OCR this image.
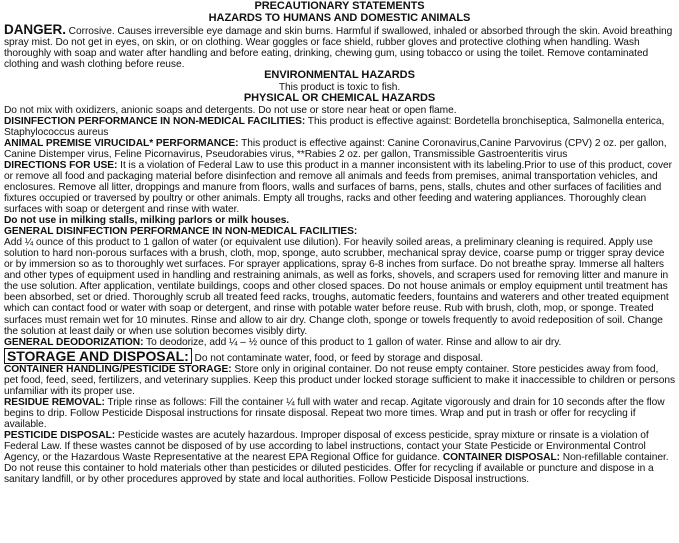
PRECAUTIONARY STATEMENTS

HAZARDS TO HUMANS AND DOMESTIC ANIMALS

DANGER. Corrosive. Causes irreversible eye damage and skin burns. Harmful if swallowed, inhaled or absorbed through the skin. Avoid breathing spray mist. Do not get in eyes, on skin, or on clothing. Wear goggles or face shield, rubber gloves and protective clothing when handling. Wash thoroughly with soap and water after handling and before eating, drinking, chewing gum, using tobacco or using the toilet. Remove contaminated clothing and wash clothing before reuse.

ENVIRONMENTAL HAZARDS

This product is toxic to fish.

PHYSICAL OR CHEMICAL HAZARDS

Do not mix with oxidizers, anionic soaps and detergents. Do not use or store near heat or open flame.

DISINFECTION PERFORMANCE IN NON-MEDICAL FACILITIES: This product is effective against: Bordetella bronchiseptica, Salmonella enterica, Staphylococcus aureus

ANIMAL PREMISE VIRUCIDAL* PERFORMANCE: This product is effective against: Canine Coronavirus,Canine Parvovirus (CPV) 2 oz. per gallon, Canine Distemper virus, Feline Picornavirus, Pseudorabies virus, **Rabies 2 oz. per gallon, Transmissible Gastroenteritis virus

DIRECTIONS FOR USE: It is a violation of Federal Law to use this product in a manner inconsistent with its labeling.Prior to use of this product, cover or remove all food and packaging material before disinfection and remove all animals and feeds from premises, animal transportation vehicles, and enclosures. Remove all litter, droppings and manure from floors, walls and surfaces of barns, pens, stalls, chutes and other surfaces of facilities and fixtures occupied or traversed by poultry or other animals. Empty all troughs, racks and other feeding and watering appliances. Thoroughly clean surfaces with soap or detergent and rinse with water.

Do not use in milking stalls, milking parlors or milk houses.

GENERAL DISINFECTION PERFORMANCE IN NON-MEDICAL FACILITIES:

Add ¼ ounce of this product to 1 gallon of water (or equivalent use dilution). For heavily soiled areas, a preliminary cleaning is required. Apply use solution to hard non-porous surfaces with a brush, cloth, mop, sponge, auto scrubber, mechanical spray device, coarse pump or trigger spray device or by immersion so as to thoroughly wet surfaces. For sprayer applications, spray 6-8 inches from surface. Do not breathe spray. Immerse all halters and other types of equipment used in handling and restraining animals, as well as forks, shovels, and scrapers used for removing litter and manure in the use solution. After application, ventilate buildings, coops and other closed spaces. Do not house animals or employ equipment until treatment has been absorbed, set or dried. Thoroughly scrub all treated feed racks, troughs, automatic feeders, fountains and waterers and other treated equipment which can contact food or water with soap or detergent, and rinse with potable water before reuse. Rub with brush, cloth, mop, or sponge. Treated surfaces must remain wet for 10 minutes. Rinse and allow to air dry. Change cloth, sponge or towels frequently to avoid redeposition of soil. Change the solution at least daily or when use solution becomes visibly dirty.

GENERAL DEODORIZATION: To deodorize, add ¼ – ½ ounce of this product to 1 gallon of water. Rinse and allow to air dry.

STORAGE AND DISPOSAL: Do not contaminate water, food, or feed by storage and disposal.

CONTAINER HANDLING/PESTICIDE STORAGE: Store only in original container. Do not reuse empty container. Store pesticides away from food, pet food, feed, seed, fertilizers, and veterinary supplies. Keep this product under locked storage sufficient to make it inaccessible to children or persons unfamiliar with its proper use.

RESIDUE REMOVAL: Triple rinse as follows: Fill the container ¼ full with water and recap. Agitate vigorously and drain for 10 seconds after the flow begins to drip. Follow Pesticide Disposal instructions for rinsate disposal. Repeat two more times. Wrap and put in trash or offer for recycling if available.

PESTICIDE DISPOSAL: Pesticide wastes are acutely hazardous. Improper disposal of excess pesticide, spray mixture or rinsate is a violation of Federal Law. If these wastes cannot be disposed of by use according to label instructions, contact your State Pesticide or Environmental Control Agency, or the Hazardous Waste Representative at the nearest EPA Regional Office for guidance. CONTAINER DISPOSAL: Non-refillable container. Do not reuse this container to hold materials other than pesticides or diluted pesticides. Offer for recycling if available or puncture and dispose in a sanitary landfill, or by other procedures approved by state and local authorities. Follow Pesticide Disposal instructions.
